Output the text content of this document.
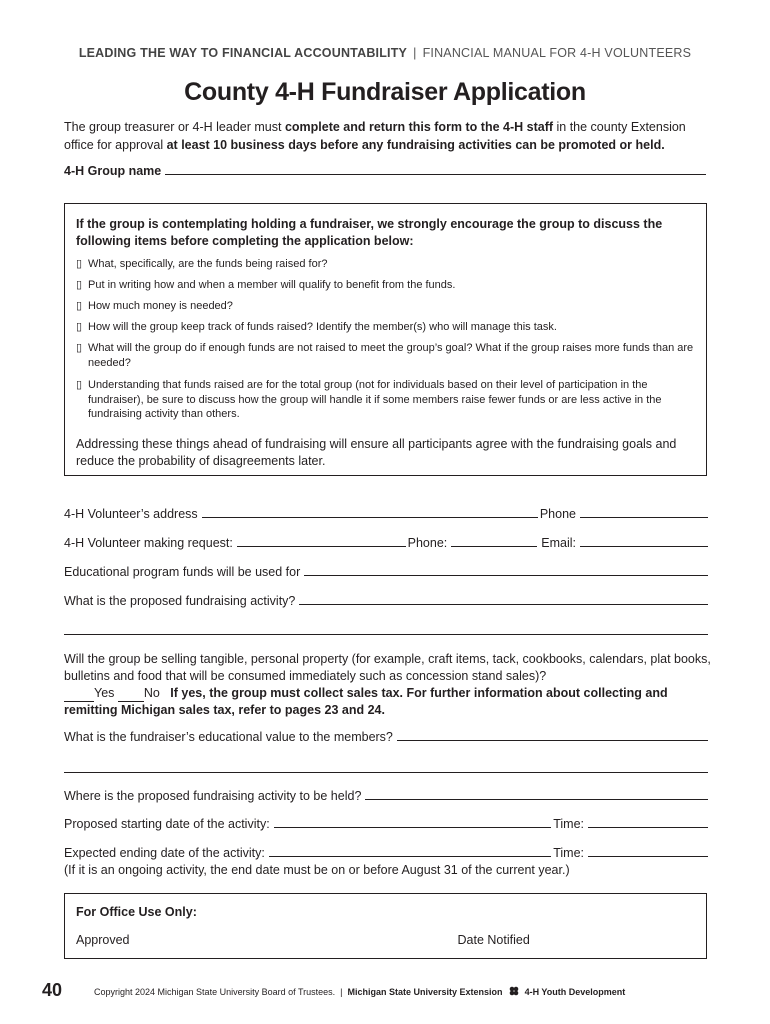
LEADING THE WAY TO FINANCIAL ACCOUNTABILITY | FINANCIAL MANUAL FOR 4-H VOLUNTEERS
County 4-H Fundraiser Application
The group treasurer or 4-H leader must complete and return this form to the 4-H staff in the county Extension office for approval at least 10 business days before any fundraising activities can be promoted or held.
4-H Group name
If the group is contemplating holding a fundraiser, we strongly encourage the group to discuss the following items before completing the application below:
▯ What, specifically, are the funds being raised for?
▯ Put in writing how and when a member will qualify to benefit from the funds.
▯ How much money is needed?
▯ How will the group keep track of funds raised? Identify the member(s) who will manage this task.
▯ What will the group do if enough funds are not raised to meet the group’s goal? What if the group raises more funds than are needed?
▯ Understanding that funds raised are for the total group (not for individuals based on their level of participation in the fundraiser), be sure to discuss how the group will handle it if some members raise fewer funds or are less active in the fundraising activity than others.
Addressing these things ahead of fundraising will ensure all participants agree with the fundraising goals and reduce the probability of disagreements later.
4-H Volunteer’s address	Phone
4-H Volunteer making request:	Phone:	Email:
Educational program funds will be used for
What is the proposed fundraising activity?
Will the group be selling tangible, personal property (for example, craft items, tack, cookbooks, calendars, plat books, bulletins and food that will be consumed immediately such as concession stand sales)?
Yes No If yes, the group must collect sales tax. For further information about collecting and remitting Michigan sales tax, refer to pages 23 and 24.
What is the fundraiser’s educational value to the members?
Where is the proposed fundraising activity to be held?
Proposed starting date of the activity:	Time:
Expected ending date of the activity:	Time:
(If it is an ongoing activity, the end date must be on or before August 31 of the current year.)
For Office Use Only:
Approved	Date Notified
40	Copyright 2024 Michigan State University Board of Trustees. | Michigan State University Extension 4-H Youth Development
